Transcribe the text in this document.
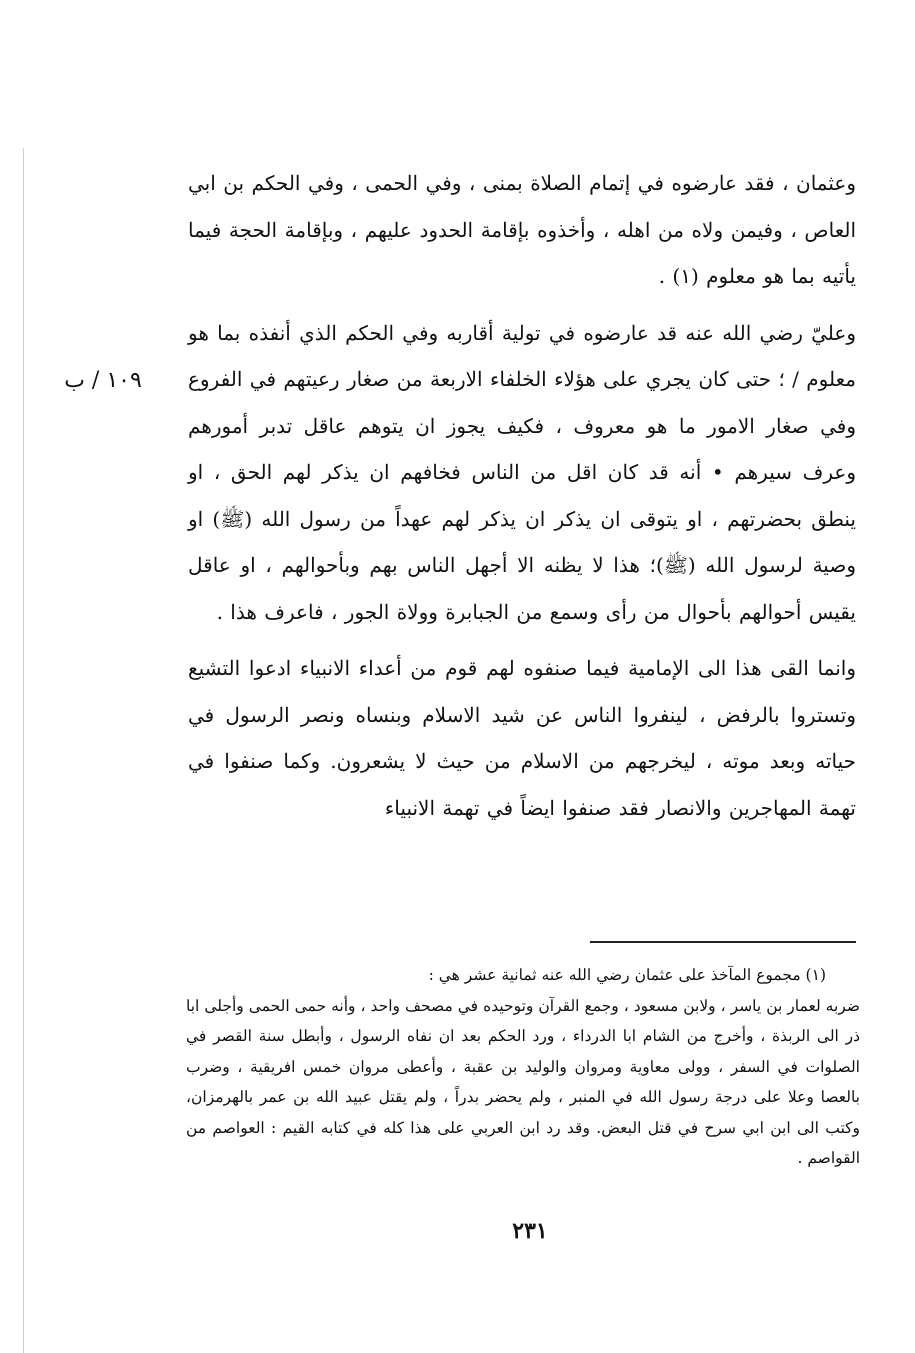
١٠٩ / ب

وعثمان ، فقد عارضوه في إتمام الصلاة بمنى ، وفي الحمى ، وفي الحكم بن ابي العاص ، وفيمن ولاه من اهله ، وأخذوه بإقامة الحدود عليهم ، وبإقامة الحجة فيما يأتيه بما هو معلوم (١) .

وعليّ رضي الله عنه قد عارضوه في تولية أقاربه وفي الحكم الذي أنفذه بما هو معلوم / ؛ حتى كان يجري على هؤلاء الخلفاء الاربعة من صغار رعيتهم في الفروع وفي صغار الامور ما هو معروف ، فكيف يجوز ان يتوهم عاقل تدبر أمورهم وعرف سيرهم • أنه قد كان اقل من الناس فخافهم ان يذكر لهم الحق ، او ينطق بحضرتهم ، او يتوقى ان يذكر ان يذكر لهم عهداً من رسول الله (ﷺ) او وصية لرسول الله (ﷺ)؛ هذا لا يظنه الا أجهل الناس بهم وبأحوالهم ، او عاقل يقيس أحوالهم بأحوال من رأى وسمع من الجبابرة وولاة الجور ، فاعرف هذا .

وانما القى هذا الى الإمامية فيما صنفوه لهم قوم من أعداء الانبياء ادعوا التشيع وتستروا بالرفض ، لينفروا الناس عن شيد الاسلام وبنساه ونصر الرسول في حياته وبعد موته ، ليخرجهم من الاسلام من حيث لا يشعرون. وكما صنفوا في تهمة المهاجرين والانصار فقد صنفوا ايضاً في تهمة الانبياء

(١) مجموع المآخذ على عثمان رضي الله عنه ثمانية عشر هي :

ضربه لعمار بن ياسر ، ولابن مسعود ، وجمع القرآن وتوحيده في مصحف واحد ، وأنه حمى الحمى وأجلى ابا ذر الى الربذة ، وأخرج من الشام ابا الدرداء ، ورد الحكم بعد ان نفاه الرسول ، وأبطل سنة القصر في الصلوات في السفر ، وولى معاوية ومروان والوليد بن عقبة ، وأعطى مروان خمس افريقية ، وضرب بالعصا وعلا على درجة رسول الله في المنبر ، ولم يحضر بدراً ، ولم يقتل عبيد الله بن عمر بالهرمزان، وكتب الى ابن ابي سرح في قتل البعض. وقد رد ابن العربي على هذا كله في كتابه القيم : العواصم من القواصم .

٢٣١
